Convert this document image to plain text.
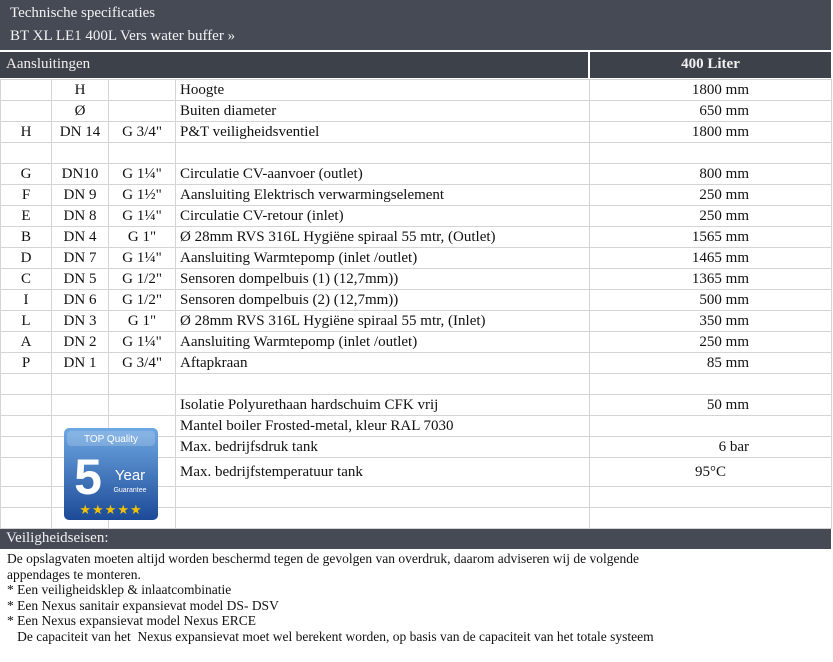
Technische specificaties
BT XL LE1 400L Vers water buffer »
Aansluitingen	400 Liter
	H		Hoogte	1800 mm
	Ø		Buiten diameter	650 mm
H	DN 14	G 3/4"	P&T veiligheidsventiel	1800 mm

G	DN10	G 1¼"	Circulatie CV-aanvoer (outlet)	800 mm
F	DN 9	G 1½"	Aansluiting Elektrisch verwarmingselement	250 mm
E	DN 8	G 1¼"	Circulatie CV-retour (inlet)	250 mm
B	DN 4	G 1"	Ø 28mm RVS 316L Hygiëne spiraal 55 mtr, (Outlet)	1565 mm
D	DN 7	G 1¼"	Aansluiting Warmtepomp (inlet /outlet)	1465 mm
C	DN 5	G 1/2"	Sensoren dompelbuis (1) (12,7mm))	1365 mm
I	DN 6	G 1/2"	Sensoren dompelbuis (2) (12,7mm))	500 mm
L	DN 3	G 1"	Ø 28mm RVS 316L Hygiëne spiraal 55 mtr, (Inlet)	350 mm
A	DN 2	G 1¼"	Aansluiting Warmtepomp (inlet /outlet)	250 mm
P	DN 1	G 3/4"	Aftapkraan	85 mm

			Isolatie Polyurethaan hardschuim CFK vrij	50 mm
			Mantel boiler Frosted-metal, kleur RAL 7030	
			Max. bedrijfsdruk tank	6 bar
			Max. bedrijfstemperatuur tank	95°C

TOP Quality
5 Year
Guarantee
★★★★★
Veiligheidseisen:
De opslagvaten moeten altijd worden beschermd tegen de gevolgen van overdruk, daarom adviseren wij de volgende
appendages te monteren.
* Een veiligheidsklep & inlaatcombinatie
* Een Nexus sanitair expansievat model DS- DSV
* Een Nexus expansievat model Nexus ERCE
De capaciteit van het  Nexus expansievat moet wel berekent worden, op basis van de capaciteit van het totale systeem
